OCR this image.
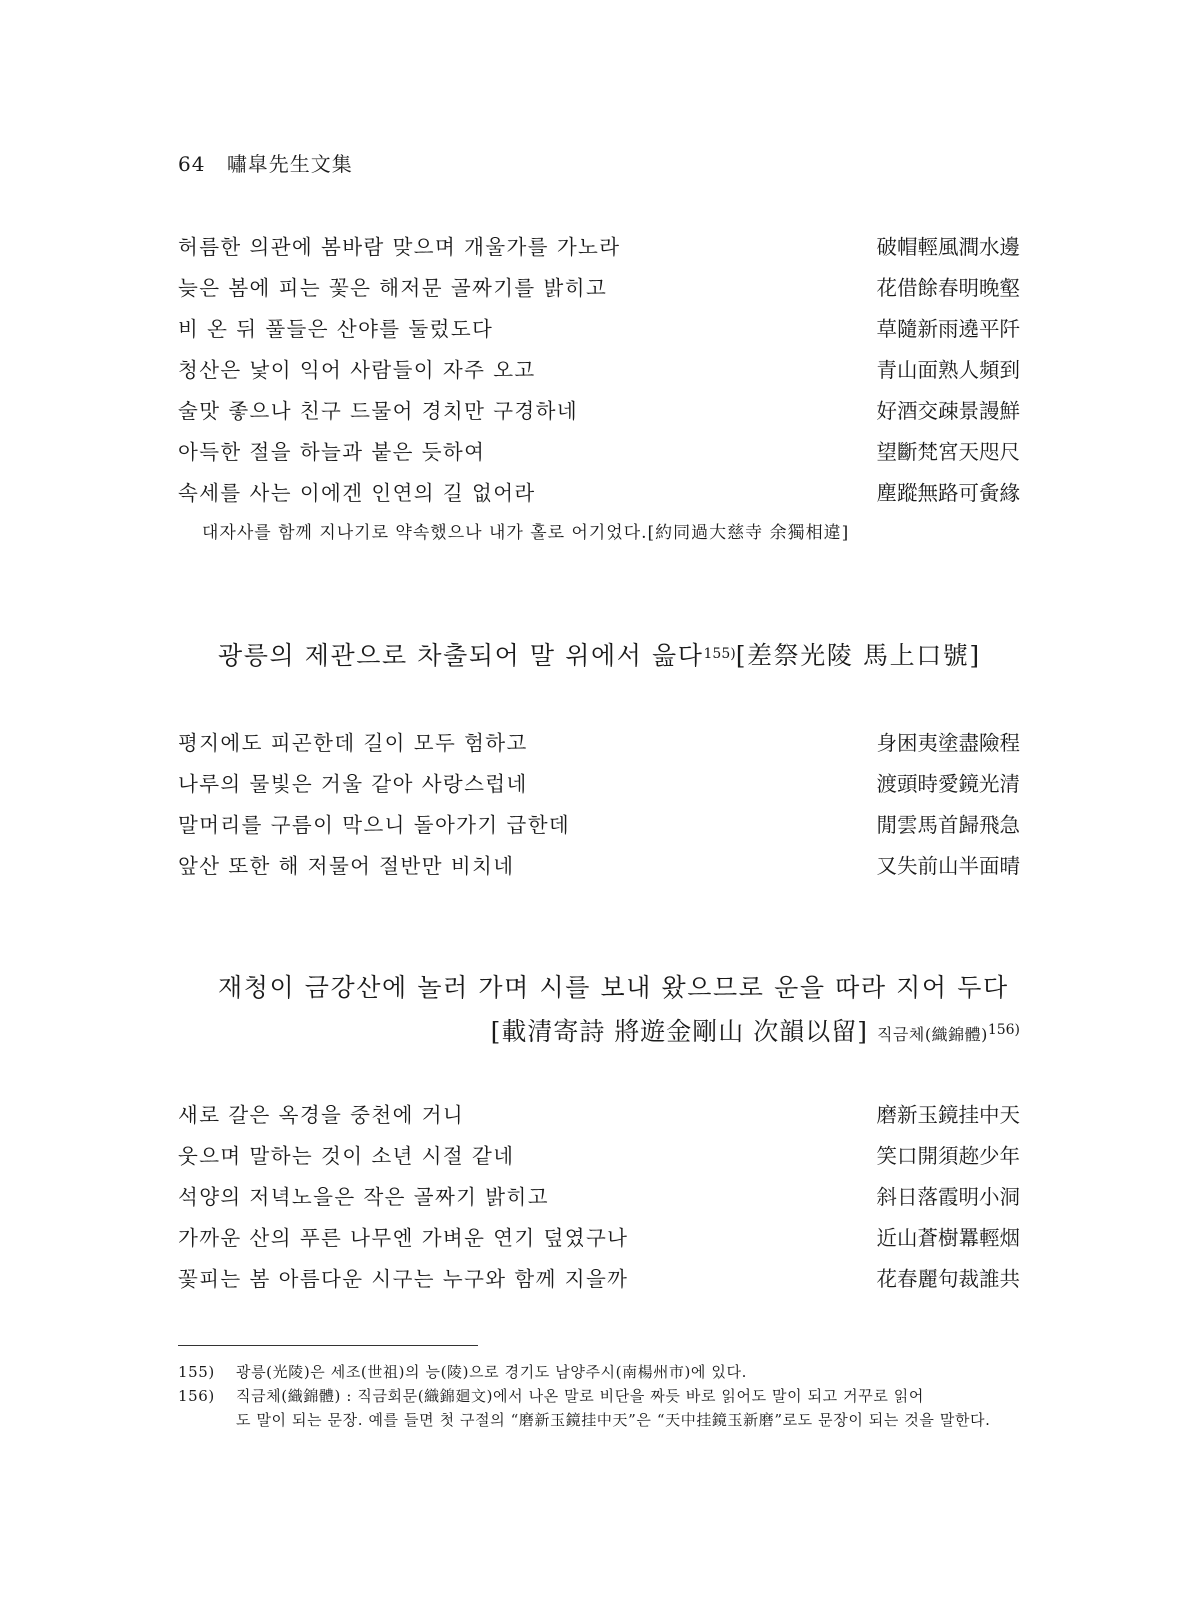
64 嘯皐先生文集
허름한 의관에 봄바람 맞으며 개울가를 가노라	破帽輕風澗水邊
늦은 봄에 피는 꽃은 해저문 골짜기를 밝히고	花借餘春明晚壑
비 온 뒤 풀들은 산야를 둘렀도다	草隨新雨遶平阡
청산은 낯이 익어 사람들이 자주 오고	青山面熟人頻到
술맛 좋으나 친구 드물어 경치만 구경하네	好酒交疎景謾鮮
아득한 절을 하늘과 붙은 듯하여	望斷梵宮天咫尺
속세를 사는 이에겐 인연의 길 없어라	塵蹤無路可夤緣
대자사를 함께 지나기로 약속했으나 내가 홀로 어기었다.[約同過大慈寺 余獨相違]
광릉의 제관으로 차출되어 말 위에서 읊다$^{155)}$[差祭光陵 馬上口號]
평지에도 피곤한데 길이 모두 험하고	身困夷塗盡險程
나루의 물빛은 거울 같아 사랑스럽네	渡頭時愛鏡光清
말머리를 구름이 막으니 돌아가기 급한데	閒雲馬首歸飛急
앞산 또한 해 저물어 절반만 비치네	又失前山半面晴
재청이 금강산에 놀러 가며 시를 보내 왔으므로 운을 따라 지어 두다
[載清寄詩 將遊金剛山 次韻以留] 직금체(織錦體)$^{156)}$
새로 갈은 옥경을 중천에 거니	磨新玉鏡挂中天
웃으며 말하는 것이 소년 시절 같네	笑口開須趂少年
석양의 저녁노을은 작은 골짜기 밝히고	斜日落霞明小洞
가까운 산의 푸른 나무엔 가벼운 연기 덮였구나	近山蒼樹羃輕烟
꽃피는 봄 아름다운 시구는 누구와 함께 지을까	花春麗句裁誰共
155) 광릉(光陵)은 세조(世祖)의 능(陵)으로 경기도 남양주시(南楊州市)에 있다.
156) 직금체(織錦體) : 직금회문(織錦廻文)에서 나온 말로 비단을 짜듯 바로 읽어도 말이 되고 거꾸로 읽어
도 말이 되는 문장. 예를 들면 첫 구절의 “磨新玉鏡挂中天”은 “天中挂鏡玉新磨”로도 문장이 되는 것을 말한다.
